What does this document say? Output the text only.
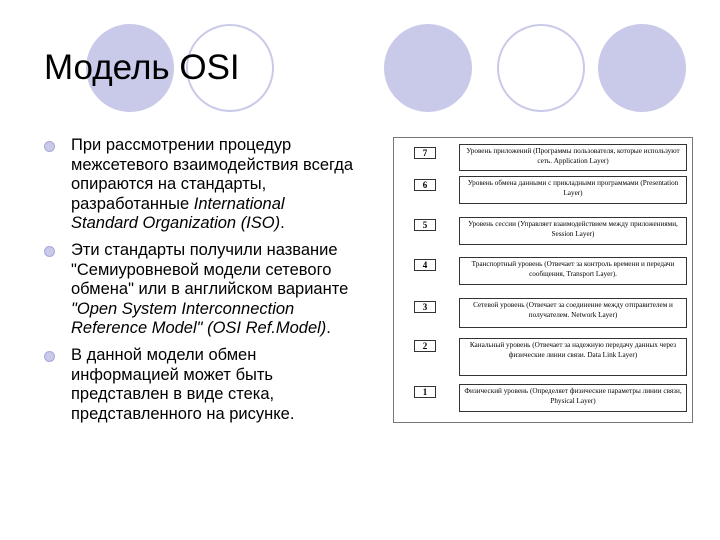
Модель OSI
При рассмотрении процедур межсетевого взаимодействия всегда опираются на стандарты, разработанные International Standard Organization (ISO).
Эти стандарты получили название "Семиуровневой модели сетевого обмена" или в английском варианте "Open System Interconnection Reference Model" (OSI Ref.Model).
В данной модели обмен информацией может быть представлен в виде стека, представленного на рисунке.
7	Уровень приложений (Программы пользователя, которые используют сеть. Application Layer)
6	Уровень обмена данными с прикладными программами (Presentation Layer)
5	Уровень сессии (Управляет взаимодействием между приложениями, Session Layer)
4	Транспортный уровень (Отвечает за контроль времени и передачи сообщения, Transport Layer).
3	Сетевой уровень (Отвечает за соединение между отправителем и получателем. Network Layer)
2	Канальный уровень (Отвечает за надежную передачу данных через физические линии связи. Data Link Layer)
1	Физический уровень (Определяет физические параметры линии связи, Physical Layer)
